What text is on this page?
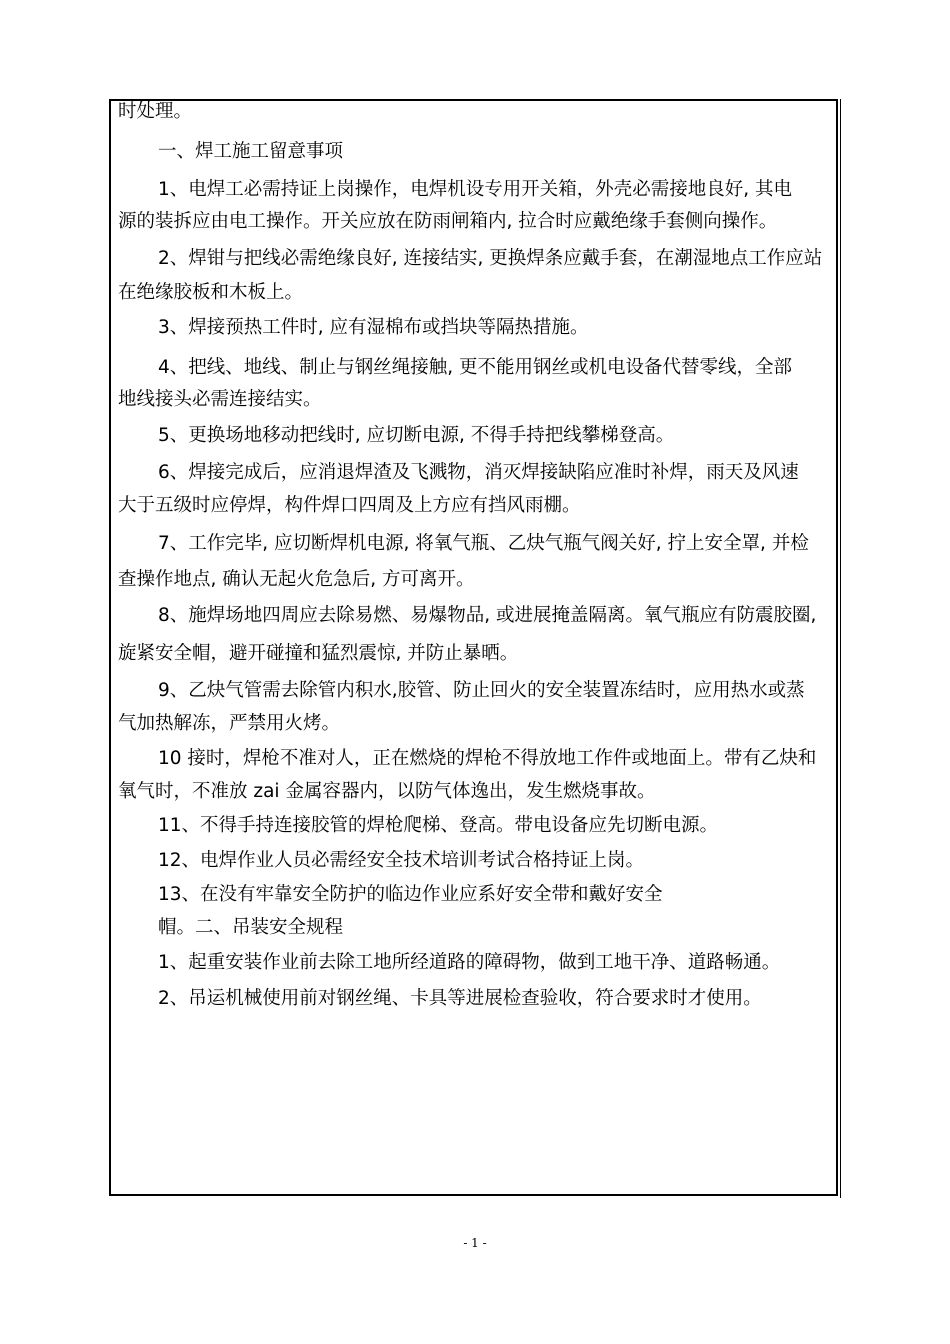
时处理。
一、焊工施工留意事项
1、电焊工必需持证上岗操作，电焊机设专用开关箱，外壳必需接地良好, 其电
源的装拆应由电工操作。开关应放在防雨闸箱内, 拉合时应戴绝缘手套侧向操作。
2、焊钳与把线必需绝缘良好, 连接结实, 更换焊条应戴手套，在潮湿地点工作应站
在绝缘胶板和木板上。
3、焊接预热工件时, 应有湿棉布或挡块等隔热措施。
4、把线、地线、制止与钢丝绳接触, 更不能用钢丝或机电设备代替零线，全部
地线接头必需连接结实。
5、更换场地移动把线时, 应切断电源, 不得手持把线攀梯登高。
6、焊接完成后，应消退焊渣及飞溅物，消灭焊接缺陷应准时补焊，雨天及风速
大于五级时应停焊，构件焊口四周及上方应有挡风雨棚。
7、工作完毕, 应切断焊机电源, 将氧气瓶、乙炔气瓶气阀关好, 拧上安全罩, 并检
查操作地点, 确认无起火危急后, 方可离开。
8、施焊场地四周应去除易燃、易爆物品, 或进展掩盖隔离。氧气瓶应有防震胶圈,
旋紧安全帽，避开碰撞和猛烈震惊, 并防止暴晒。
9、乙炔气管需去除管内积水,胶管、防止回火的安全装置冻结时，应用热水或蒸
气加热解冻，严禁用火烤。
10 接时，焊枪不准对人，正在燃烧的焊枪不得放地工作件或地面上。带有乙炔和
氧气时，不准放 zai 金属容器内，以防气体逸出，发生燃烧事故。
11、不得手持连接胶管的焊枪爬梯、登高。带电设备应先切断电源。
12、电焊作业人员必需经安全技术培训考试合格持证上岗。
13、在没有牢靠安全防护的临边作业应系好安全带和戴好安全
帽。二、吊装安全规程
1、起重安装作业前去除工地所经道路的障碍物，做到工地干净、道路畅通。
2、吊运机械使用前对钢丝绳、卡具等进展检查验收，符合要求时才使用。
- 1 -
